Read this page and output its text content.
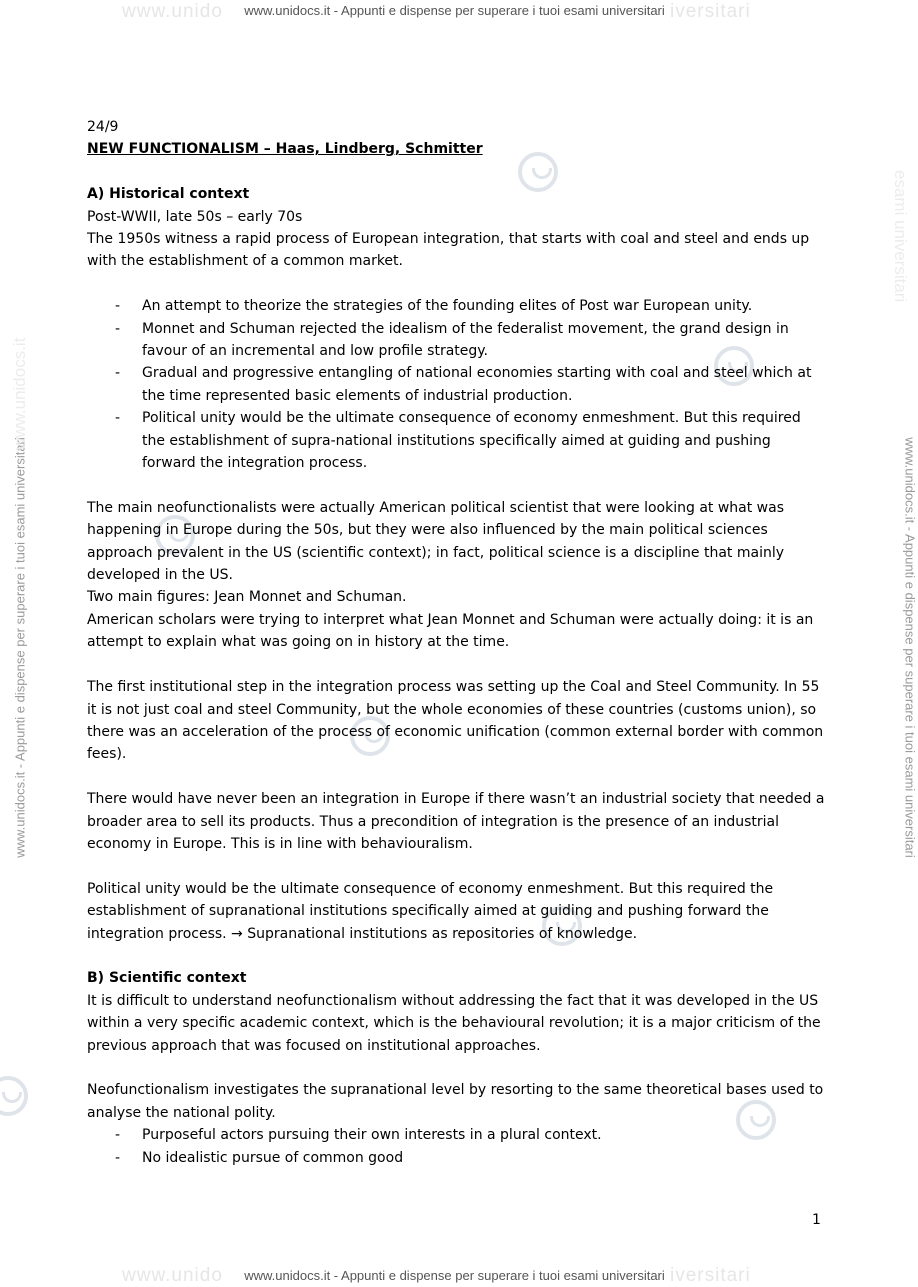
www.unido	iversitari
www.unidocs.it - Appunti e dispense per superare i tuoi esami universitari
www.unido	iversitari
www.unidocs.it - Appunti e dispense per superare i tuoi esami universitari
www.unidocs.it - Appunti e dispense per superare i tuoi esami universitari	www.unidocs.it - Appunti e dispense per superare i tuoi esami universitari
www.unidocs.it
esami universitari

24/9

NEW FUNCTIONALISM – Haas, Lindberg, Schmitter

A) Historical context

Post-WWII, late 50s – early 70s

The 1950s witness a rapid process of European integration, that starts with coal and steel and ends up with the establishment of a common market.

- An attempt to theorize the strategies of the founding elites of Post war European unity.
- Monnet and Schuman rejected the idealism of the federalist movement, the grand design in favour of an incremental and low profile strategy.
- Gradual and progressive entangling of national economies starting with coal and steel which at the time represented basic elements of industrial production.
- Political unity would be the ultimate consequence of economy enmeshment. But this required the establishment of supra-national institutions specifically aimed at guiding and pushing forward the integration process.

The main neofunctionalists were actually American political scientist that were looking at what was happening in Europe during the 50s, but they were also influenced by the main political sciences approach prevalent in the US (scientific context); in fact, political science is a discipline that mainly developed in the US.

Two main figures: Jean Monnet and Schuman.

American scholars were trying to interpret what Jean Monnet and Schuman were actually doing: it is an attempt to explain what was going on in history at the time.

The first institutional step in the integration process was setting up the Coal and Steel Community. In 55 it is not just coal and steel Community, but the whole economies of these countries (customs union), so there was an acceleration of the process of economic unification (common external border with common fees).

There would have never been an integration in Europe if there wasn’t an industrial society that needed a broader area to sell its products. Thus a precondition of integration is the presence of an industrial economy in Europe. This is in line with behaviouralism.

Political unity would be the ultimate consequence of economy enmeshment. But this required the establishment of supranational institutions specifically aimed at guiding and pushing forward the integration process. → Supranational institutions as repositories of knowledge.

B) Scientific context

It is difficult to understand neofunctionalism without addressing the fact that it was developed in the US within a very specific academic context, which is the behavioural revolution; it is a major criticism of the previous approach that was focused on institutional approaches.

Neofunctionalism investigates the supranational level by resorting to the same theoretical bases used to analyse the national polity.

- Purposeful actors pursuing their own interests in a plural context.
- No idealistic pursue of common good
1
